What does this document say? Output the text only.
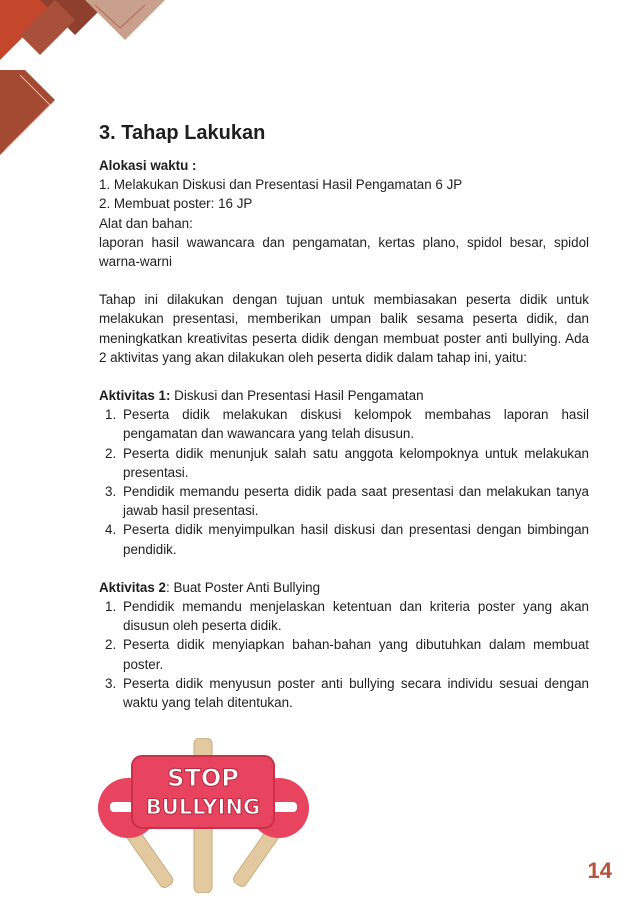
3. Tahap Lakukan

Alokasi waktu :

1. Melakukan Diskusi dan Presentasi Hasil Pengamatan 6 JP

2. Membuat poster: 16 JP

Alat dan bahan:

laporan hasil wawancara dan pengamatan, kertas plano, spidol besar, spidol warna-warni

Tahap ini dilakukan dengan tujuan untuk membiasakan peserta didik untuk melakukan presentasi, memberikan umpan balik sesama peserta didik, dan meningkatkan kreativitas peserta didik dengan membuat poster anti bullying. Ada 2 aktivitas yang akan dilakukan oleh peserta didik dalam tahap ini, yaitu:

Aktivitas 1: Diskusi dan Presentasi Hasil Pengamatan

1. Peserta didik melakukan diskusi kelompok membahas laporan hasil pengamatan dan wawancara yang telah disusun.
2. Peserta didik menunjuk salah satu anggota kelompoknya untuk melakukan presentasi.
3. Pendidik memandu peserta didik pada saat presentasi dan melakukan tanya jawab hasil presentasi.
4. Peserta didik menyimpulkan hasil diskusi dan presentasi dengan bimbingan pendidik.

Aktivitas 2: Buat Poster Anti Bullying

1. Pendidik memandu menjelaskan ketentuan dan kriteria poster yang akan disusun oleh peserta didik.
2. Peserta didik menyiapkan bahan-bahan yang dibutuhkan dalam membuat poster.
3. Peserta didik menyusun poster anti bullying secara individu sesuai dengan waktu yang telah ditentukan.
STOP
BULLYING
14
